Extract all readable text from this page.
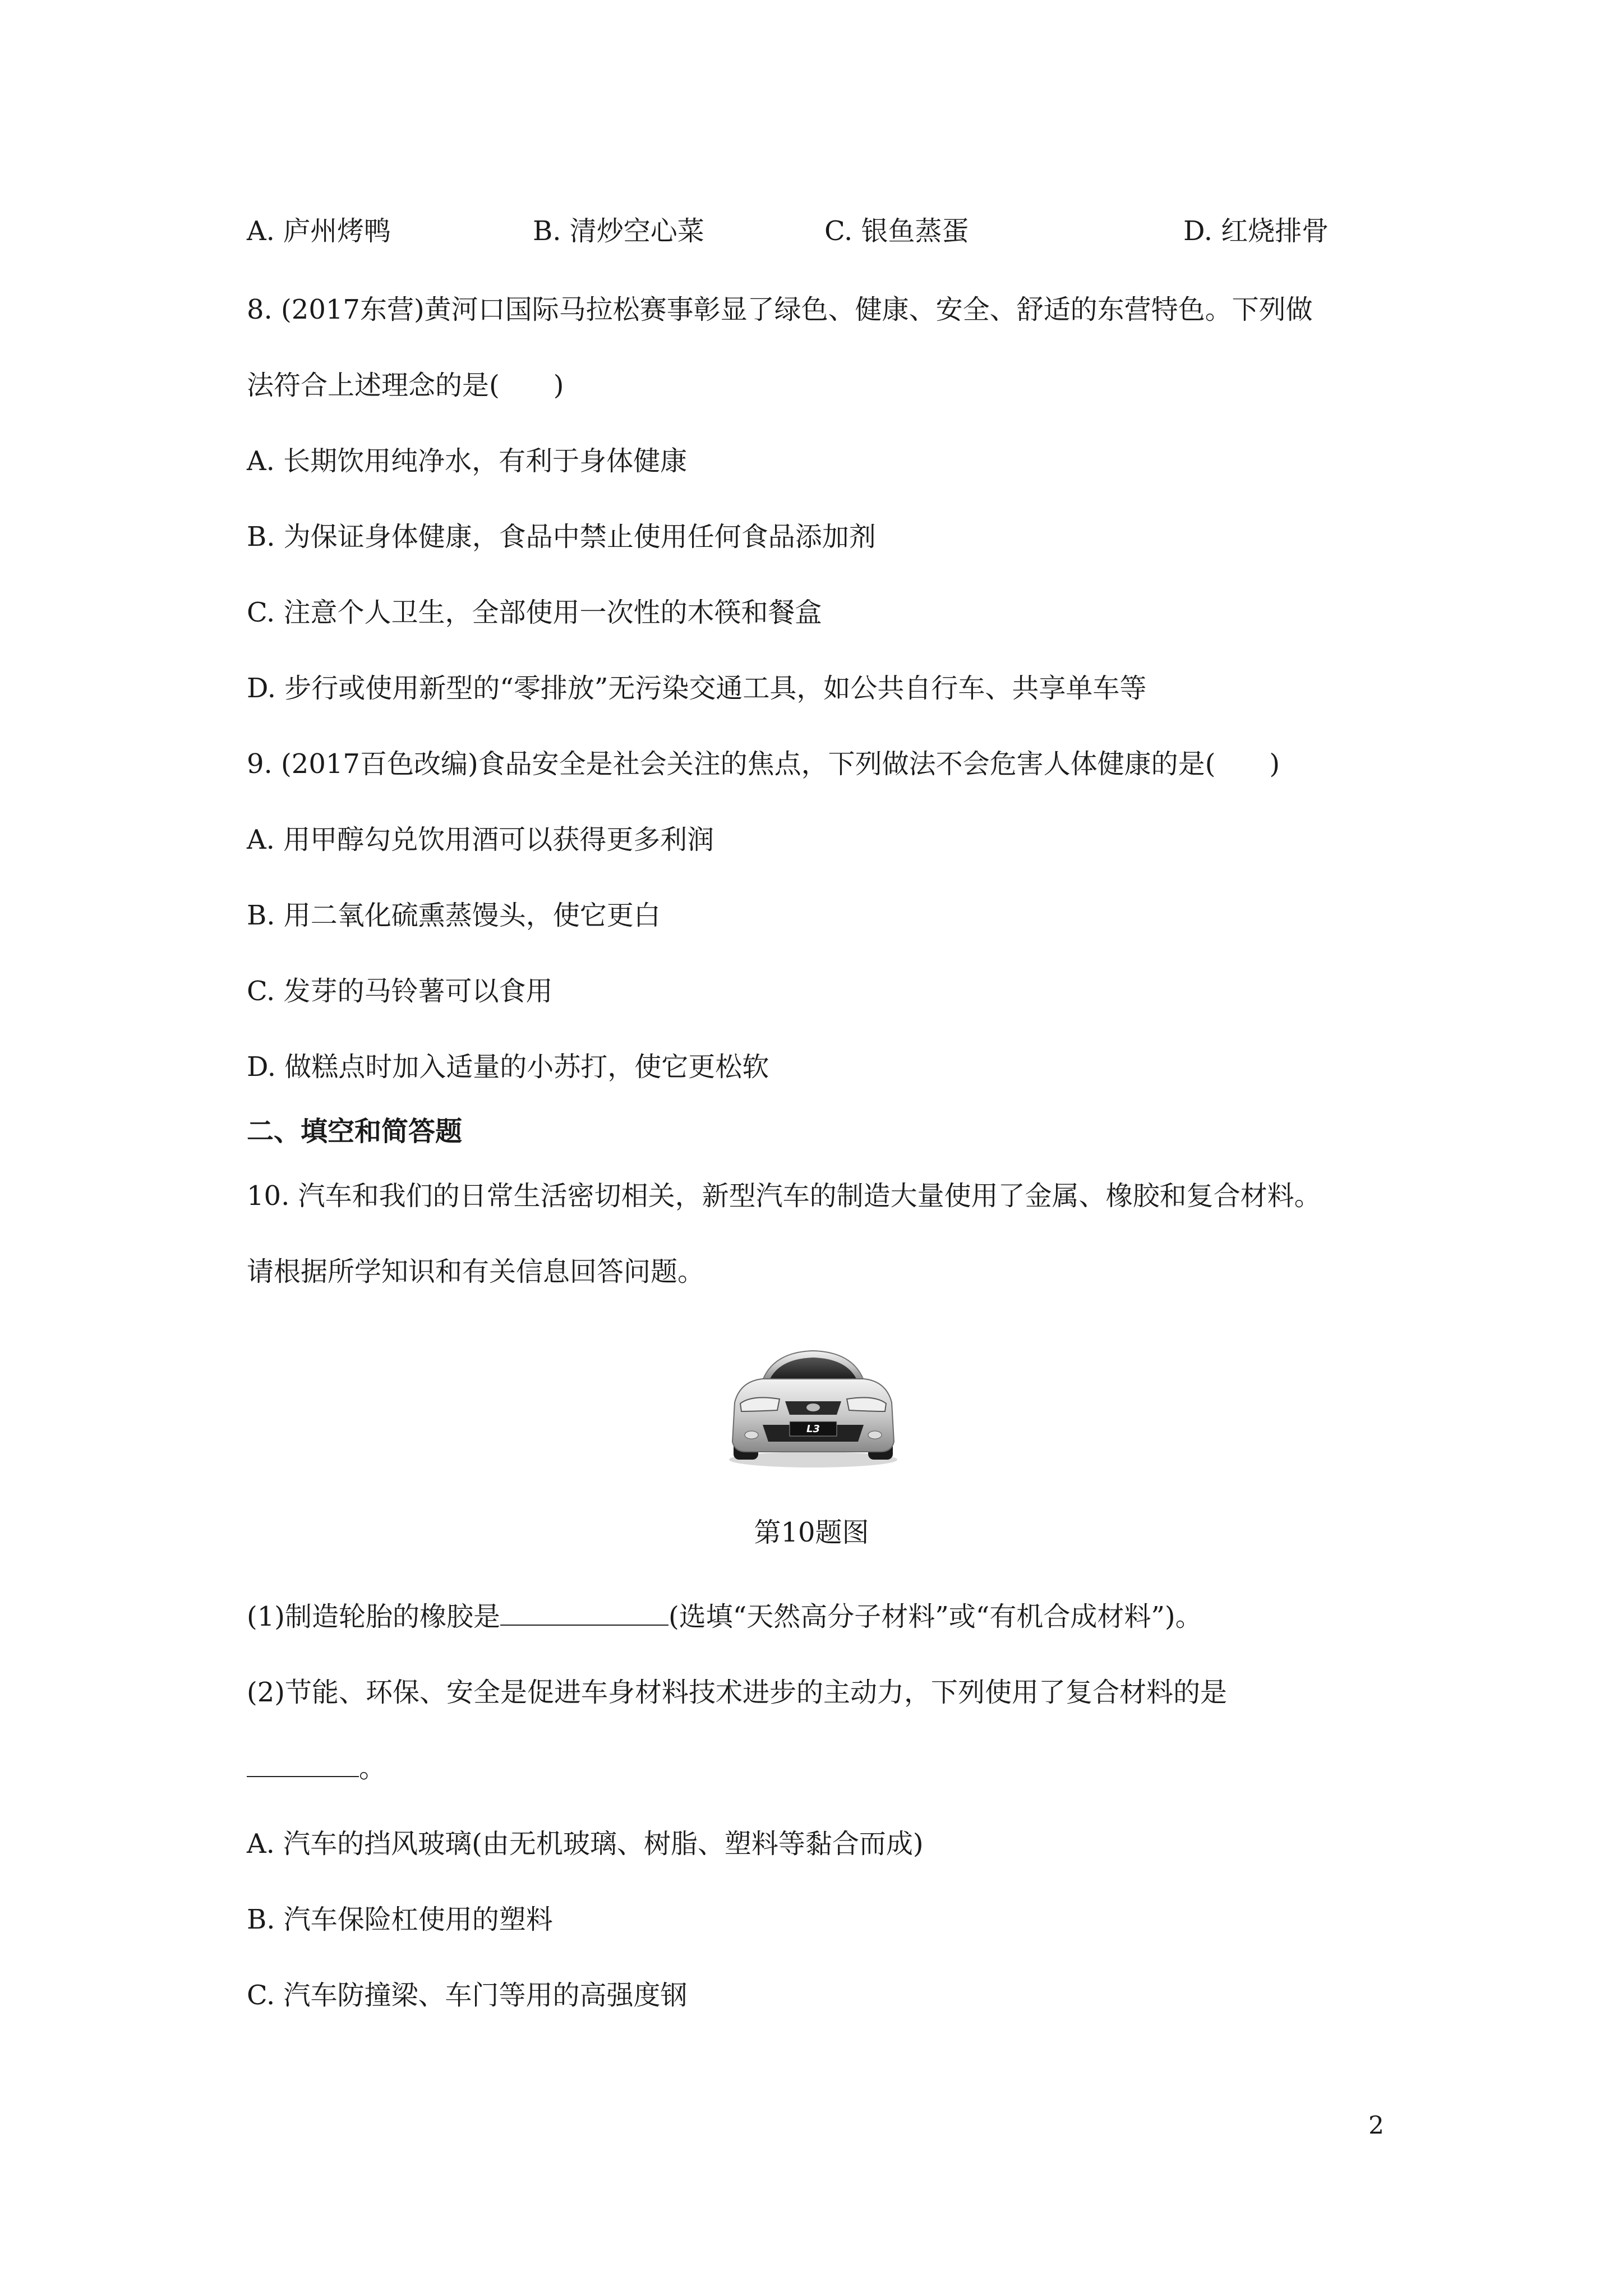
A. 庐州烤鸭	B. 清炒空心菜	C. 银鱼蒸蛋	D. 红烧排骨
8. (2017东营)黄河口国际马拉松赛事彰显了绿色、健康、安全、舒适的东营特色。下列做
法符合上述理念的是(　　)
A. 长期饮用纯净水，有利于身体健康
B. 为保证身体健康，食品中禁止使用任何食品添加剂
C. 注意个人卫生，全部使用一次性的木筷和餐盒
D. 步行或使用新型的“零排放”无污染交通工具，如公共自行车、共享单车等
9. (2017百色改编)食品安全是社会关注的焦点，下列做法不会危害人体健康的是(　　)
A. 用甲醇勾兑饮用酒可以获得更多利润
B. 用二氧化硫熏蒸馒头，使它更白
C. 发芽的马铃薯可以食用
D. 做糕点时加入适量的小苏打，使它更松软
二、填空和简答题
10. 汽车和我们的日常生活密切相关，新型汽车的制造大量使用了金属、橡胶和复合材料。
请根据所学知识和有关信息回答问题。
L3
第10题图
(1)制造轮胎的橡胶是	(选填“天然高分子材料”或“有机合成材料”)。
(2)节能、环保、安全是促进车身材料技术进步的主动力，下列使用了复合材料的是
。
A. 汽车的挡风玻璃(由无机玻璃、树脂、塑料等黏合而成)
B. 汽车保险杠使用的塑料
C. 汽车防撞梁、车门等用的高强度钢
2
